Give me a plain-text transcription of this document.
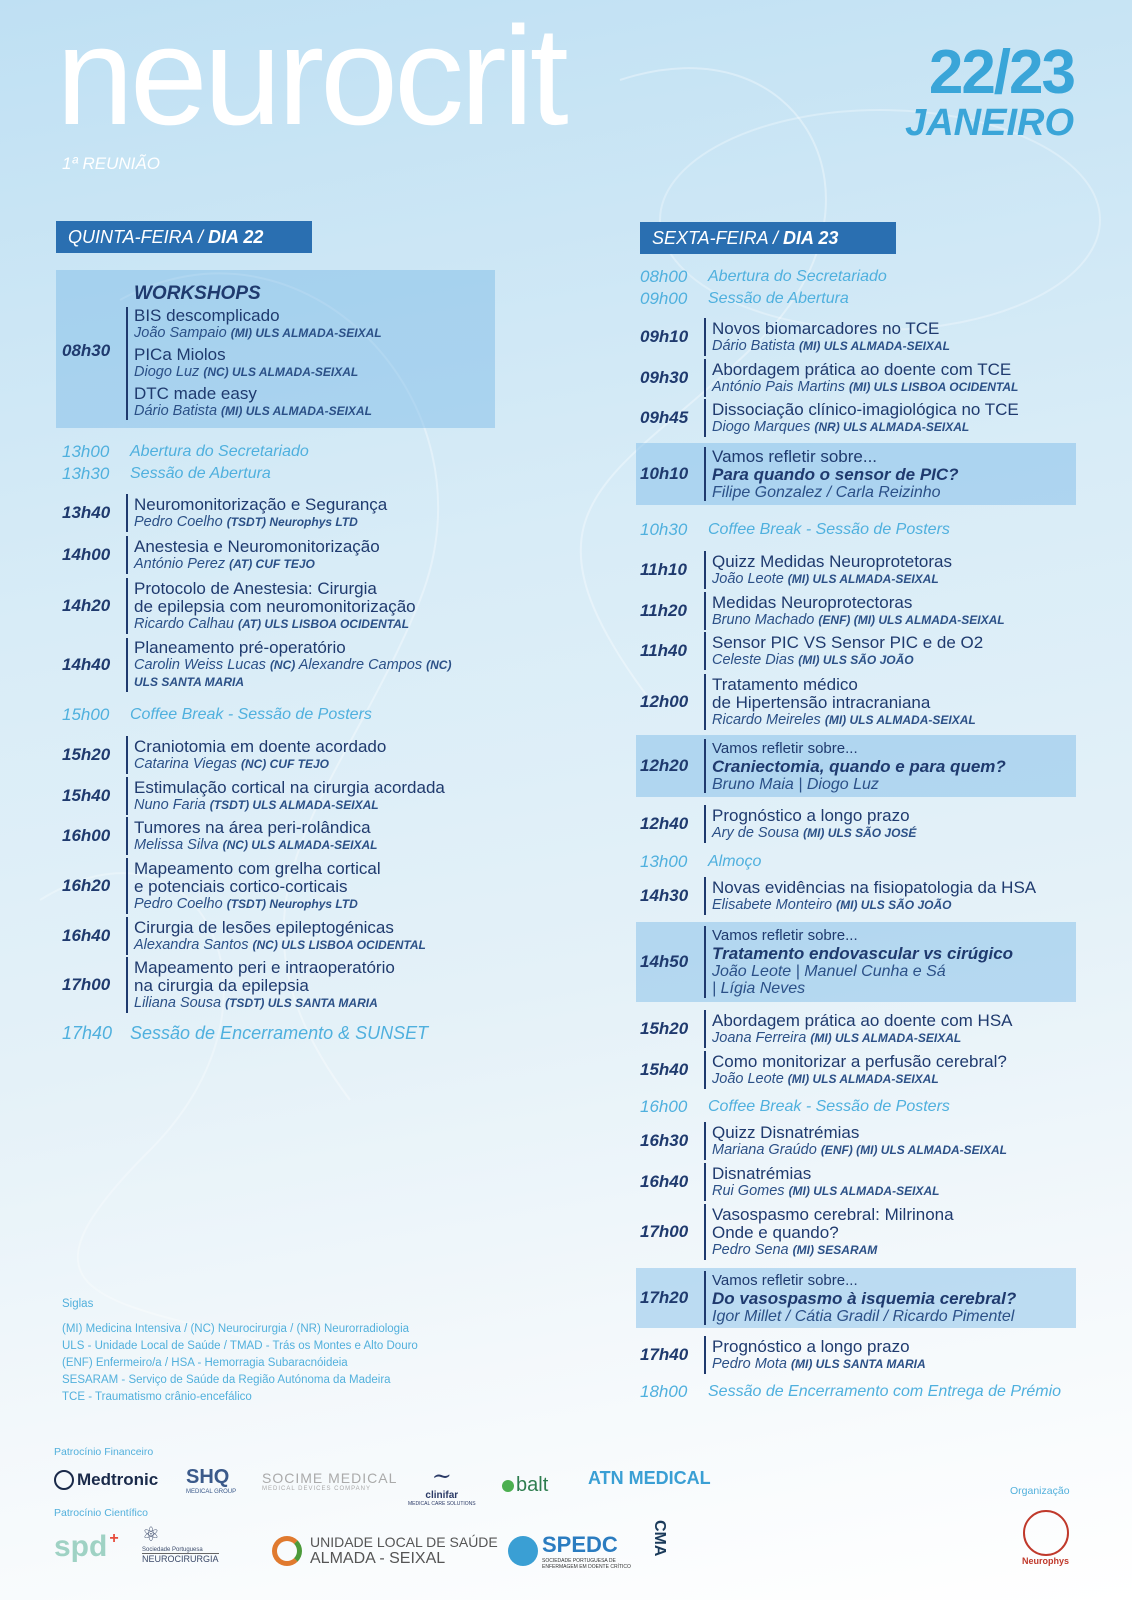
neurocrit
1ª REUNIÃO
22/23
JANEIRO
QUINTA-FEIRA / DIA 22
08h30
WORKSHOPS
BIS descomplicado
João Sampaio (MI) ULS ALMADA-SEIXAL
PICa Miolos
Diogo Luz (NC) ULS ALMADA-SEIXAL
DTC made easy
Dário Batista (MI) ULS ALMADA-SEIXAL
13h00	Abertura do Secretariado
13h30	Sessão de Abertura
13h40	Neuromonitorização e Segurança
Pedro Coelho (TSDT) Neurophys LTD
14h00	Anestesia e Neuromonitorização
António Perez (AT) CUF TEJO
14h20
Protocolo de Anestesia: Cirurgia
de epilepsia com neuromonitorização
Ricardo Calhau (AT) ULS LISBOA OCIDENTAL
14h40
Planeamento pré-operatório
Carolin Weiss Lucas (NC) Alexandre Campos (NC)
ULS SANTA MARIA
15h00	Coffee Break - Sessão de Posters
15h20	Craniotomia em doente acordado
Catarina Viegas (NC) CUF TEJO
15h40	Estimulação cortical na cirurgia acordada
Nuno Faria (TSDT) ULS ALMADA-SEIXAL
16h00	Tumores na área peri-rolândica
Melissa Silva (NC) ULS ALMADA-SEIXAL
16h20
Mapeamento com grelha cortical
e potenciais cortico-corticais
Pedro Coelho (TSDT) Neurophys LTD
16h40	Cirurgia de lesões epileptogénicas
Alexandra Santos (NC) ULS LISBOA OCIDENTAL
17h00
Mapeamento peri e intraoperatório
na cirurgia da epilepsia
Liliana Sousa (TSDT) ULS SANTA MARIA
17h40 Sessão de Encerramento & SUNSET
SEXTA-FEIRA / DIA 23
08h00	Abertura do Secretariado
09h00	Sessão de Abertura
09h10	Novos biomarcadores no TCE
Dário Batista (MI) ULS ALMADA-SEIXAL
09h30	Abordagem prática ao doente com TCE
António Pais Martins (MI) ULS LISBOA OCIDENTAL
09h45	Dissociação clínico-imagiológica no TCE
Diogo Marques (NR) ULS ALMADA-SEIXAL
10h10
Vamos refletir sobre...
Para quando o sensor de PIC?
Filipe Gonzalez / Carla Reizinho
10h30	Coffee Break - Sessão de Posters
11h10	Quizz Medidas Neuroprotetoras
João Leote (MI) ULS ALMADA-SEIXAL
11h20	Medidas Neuroprotectoras
Bruno Machado (ENF) (MI) ULS ALMADA-SEIXAL
11h40	Sensor PIC VS Sensor PIC e de O2
Celeste Dias (MI) ULS SÃO JOÃO
12h00
Tratamento médico
de Hipertensão intracraniana
Ricardo Meireles (MI) ULS ALMADA-SEIXAL
12h20
Vamos refletir sobre...
Craniectomia, quando e para quem?
Bruno Maia | Diogo Luz
12h40	Prognóstico a longo prazo
Ary de Sousa (MI) ULS SÃO JOSÉ
13h00	Almoço
14h30	Novas evidências na fisiopatologia da HSA
Elisabete Monteiro (MI) ULS SÃO JOÃO
14h50
Vamos refletir sobre...
Tratamento endovascular vs cirúgico
João Leote | Manuel Cunha e Sá
| Lígia Neves
15h20	Abordagem prática ao doente com HSA
Joana Ferreira (MI) ULS ALMADA-SEIXAL
15h40	Como monitorizar a perfusão cerebral?
João Leote (MI) ULS ALMADA-SEIXAL
16h00	Coffee Break - Sessão de Posters
16h30	Quizz Disnatrémias
Mariana Graúdo (ENF) (MI) ULS ALMADA-SEIXAL
16h40	Disnatrémias
Rui Gomes (MI) ULS ALMADA-SEIXAL
17h00
Vasospasmo cerebral: Milrinona
Onde e quando?
Pedro Sena (MI) SESARAM
17h20
Vamos refletir sobre...
Do vasospasmo à isquemia cerebral?
Igor Millet / Cátia Gradil / Ricardo Pimentel
17h40	Prognóstico a longo prazo
Pedro Mota (MI) ULS SANTA MARIA
18h00	Sessão de Encerramento com Entrega de Prémio
Siglas
(MI) Medicina Intensiva / (NC) Neurocirurgia / (NR) Neurorradiologia
ULS - Unidade Local de Saúde / TMAD - Trás os Montes e Alto Douro
(ENF) Enfermeiro/a / HSA - Hemorragia Subaracnóideia
SESARAM - Serviço de Saúde da Região Autónoma da Madeira
TCE - Traumatismo crânio-encefálico
Patrocínio Financeiro
Medtronic SHQ
MEDICAL GROUP
SOCIME MEDICAL
MEDICAL DEVICES COMPANY	~
clinifar
MEDICAL CARE SOLUTIONS
balt ATN MEDICAL
Patrocínio Científico
spd + ⚛
Sociedade Portuguesa
NEUROCIRURGIA
UNIDADE LOCAL DE SAÚDE
ALMADA - SEIXAL
SPEDC
SOCIEDADE PORTUGUESA DE ENFERMAGEM EM DOENTE CRÍTICO
CMA
Organização
Neurophys
